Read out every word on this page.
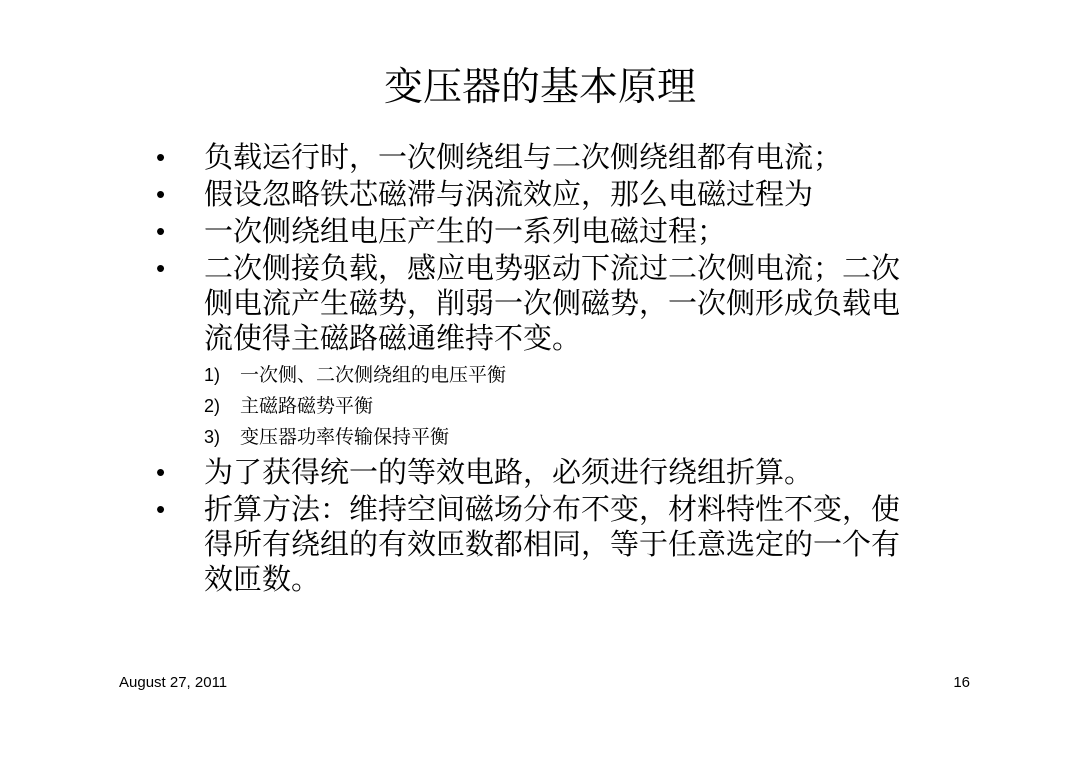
变压器的基本原理
• 负载运行时，一次侧绕组与二次侧绕组都有电流；
• 假设忽略铁芯磁滞与涡流效应，那么电磁过程为
• 一次侧绕组电压产生的一系列电磁过程；
• 二次侧接负载，感应电势驱动下流过二次侧电流；二次侧电流产生磁势，削弱一次侧磁势，一次侧形成负载电流使得主磁路磁通维持不变。
1) 一次侧、二次侧绕组的电压平衡
2) 主磁路磁势平衡
3) 变压器功率传输保持平衡
• 为了获得统一的等效电路，必须进行绕组折算。
• 折算方法：维持空间磁场分布不变，材料特性不变，使得所有绕组的有效匝数都相同，等于任意选定的一个有效匝数。
August 27, 2011	16
